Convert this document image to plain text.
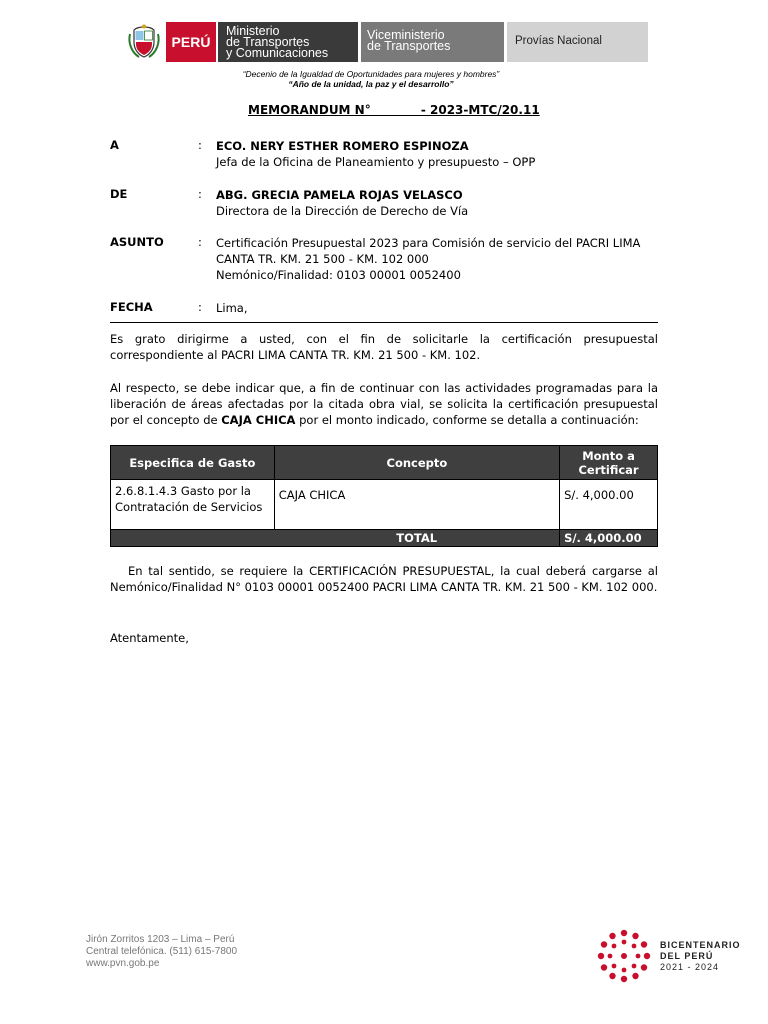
PERÚ
Ministerio
de Transportes
y Comunicaciones
Viceministerio
de Transportes	Provías Nacional
“Decenio de la Igualdad de Oportunidades para mujeres y hombres”
“Año de la unidad, la paz y el desarrollo”
MEMORANDUM N°            - 2023-MTC/20.11
A	: ECO. NERY ESTHER ROMERO ESPINOZA
Jefa de la Oficina de Planeamiento y presupuesto – OPP
DE	: ABG. GRECIA PAMELA ROJAS VELASCO
Directora de la Dirección de Derecho de Vía
ASUNTO	: Certificación Presupuestal 2023 para Comisión de servicio del PACRI LIMA
CANTA TR. KM. 21 500 - KM. 102 000
Nemónico/Finalidad: 0103 00001 0052400
FECHA	: Lima,
Es grato dirigirme a usted, con el fin de solicitarle la certificación presupuestal correspondiente al PACRI LIMA CANTA TR. KM. 21 500 - KM. 102.
Al respecto, se debe indicar que, a fin de continuar con las actividades programadas para la liberación de áreas afectadas por la citada obra vial, se solicita la certificación presupuestal por el concepto de CAJA CHICA por el monto indicado, conforme se detalla a continuación:
Especifica de Gasto	Concepto	Monto a Certificar
2.6.8.1.4.3 Gasto por la Contratación de Servicios	CAJA CHICA	S/. 4,000.00
	TOTAL	S/. 4,000.00
En tal sentido, se requiere la CERTIFICACIÓN PRESUPUESTAL, la cual deberá cargarse al Nemónico/Finalidad N° 0103 00001 0052400 PACRI LIMA CANTA TR. KM. 21 500 - KM. 102 000.
Atentamente,
Jirón Zorritos 1203 – Lima – Perú
Central telefónica. (511) 615-7800
www.pvn.gob.pe
BICENTENARIO
DEL PERÚ
2021 - 2024
